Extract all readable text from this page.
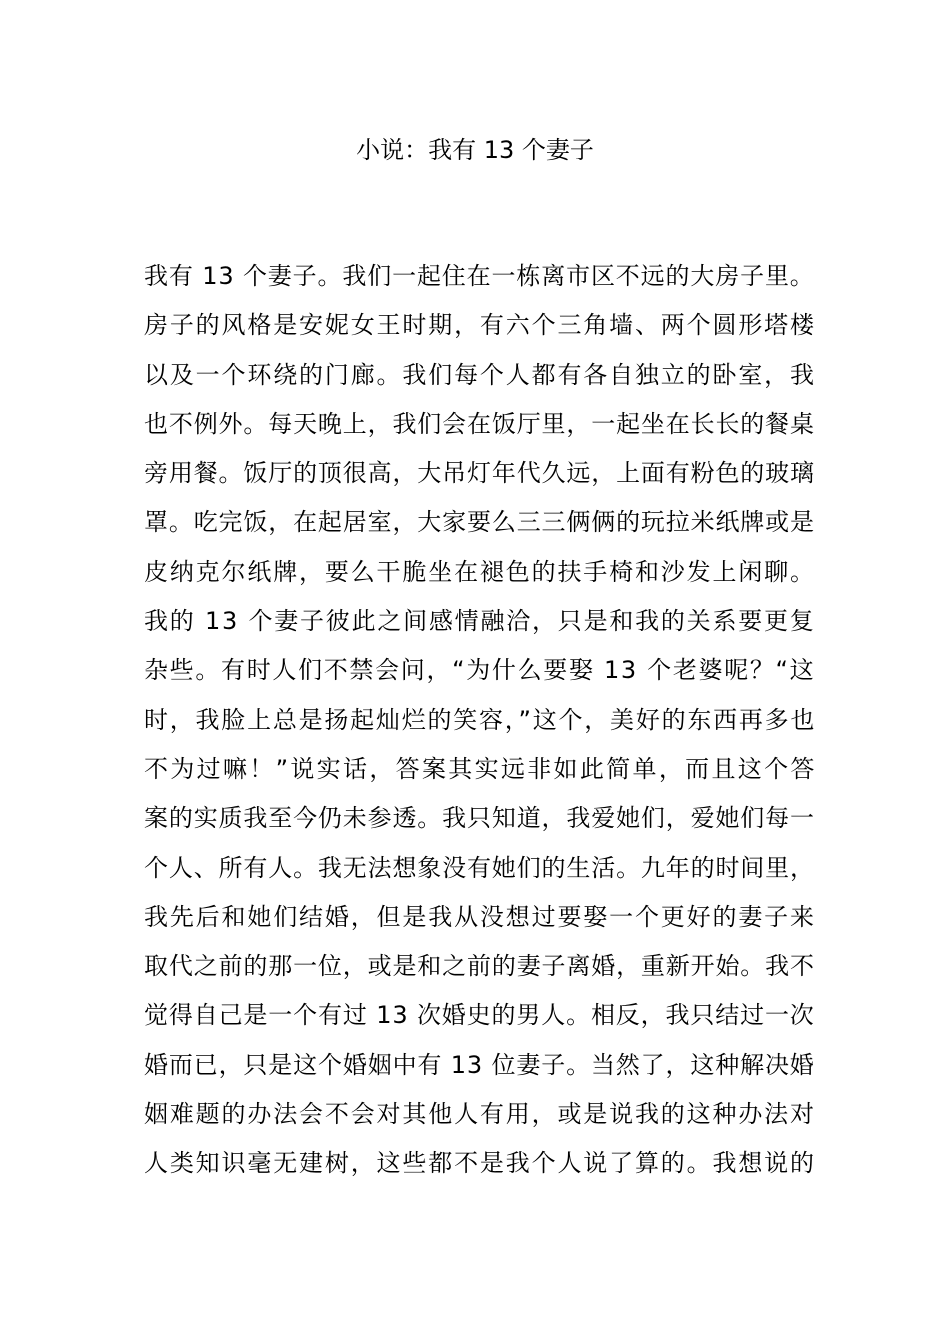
小说：我有 13 个妻子
我有 13 个妻子。我们一起住在一栋离市区不远的大房子里。
房子的风格是安妮女王时期，有六个三角墙、两个圆形塔楼
以及一个环绕的门廊。我们每个人都有各自独立的卧室，我
也不例外。每天晚上，我们会在饭厅里，一起坐在长长的餐桌
旁用餐。饭厅的顶很高，大吊灯年代久远，上面有粉色的玻璃
罩。吃完饭，在起居室，大家要么三三俩俩的玩拉米纸牌或是
皮纳克尔纸牌，要么干脆坐在褪色的扶手椅和沙发上闲聊。
我的 13 个妻子彼此之间感情融洽，只是和我的关系要更复
杂些。有时人们不禁会问，“为什么要娶 13 个老婆呢？“这
时，我脸上总是扬起灿烂的笑容，”这个，美好的东西再多也
不为过嘛！”说实话，答案其实远非如此简单，而且这个答
案的实质我至今仍未参透。我只知道，我爱她们，爱她们每一
个人、所有人。我无法想象没有她们的生活。九年的时间里，
我先后和她们结婚，但是我从没想过要娶一个更好的妻子来
取代之前的那一位，或是和之前的妻子离婚，重新开始。我不
觉得自己是一个有过 13 次婚史的男人。相反，我只结过一次
婚而已，只是这个婚姻中有 13 位妻子。当然了，这种解决婚
姻难题的办法会不会对其他人有用，或是说我的这种办法对
人类知识毫无建树，这些都不是我个人说了算的。我想说的
